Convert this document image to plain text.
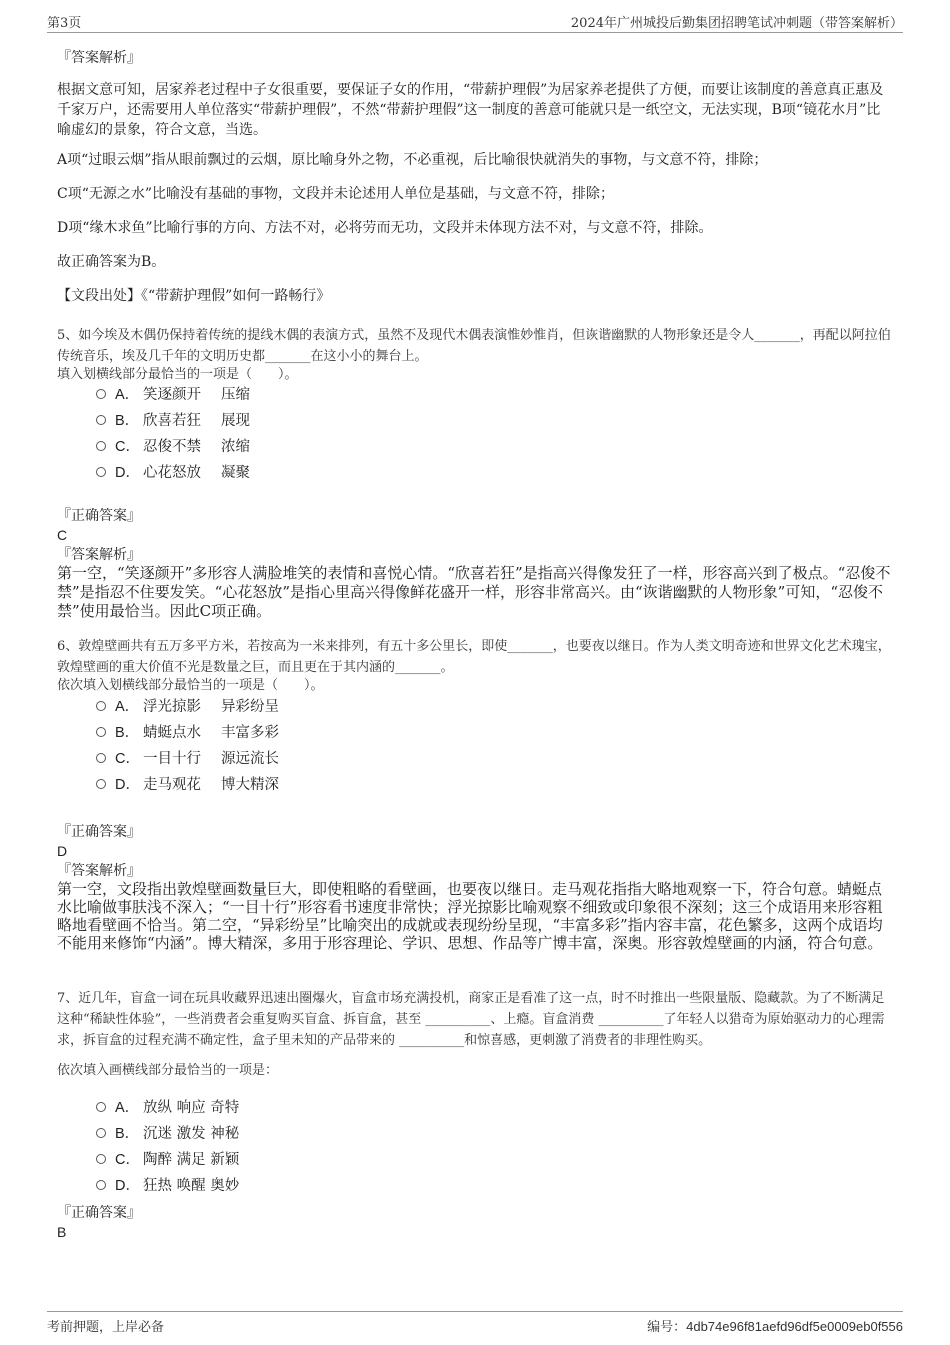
第3页	2024年广州城投后勤集团招聘笔试冲刺题（带答案解析）
『答案解析』
根据文意可知，居家养老过程中子女很重要，要保证子女的作用，“带薪护理假”为居家养老提供了方便，而要让该制度的善意真正惠及千家万户，还需要用人单位落实“带薪护理假”，不然“带薪护理假”这一制度的善意可能就只是一纸空文，无法实现，B项“镜花水月”比喻虚幻的景象，符合文意，当选。
A项“过眼云烟”指从眼前飘过的云烟，原比喻身外之物，不必重视，后比喻很快就消失的事物，与文意不符，排除；
C项“无源之水”比喻没有基础的事物，文段并未论述用人单位是基础，与文意不符，排除；
D项“缘木求鱼”比喻行事的方向、方法不对，必将劳而无功，文段并未体现方法不对，与文意不符，排除。
故正确答案为B。
【文段出处】《“带薪护理假”如何一路畅行》
5、如今埃及木偶仍保持着传统的提线木偶的表演方式，虽然不及现代木偶表演惟妙惟肖，但诙谐幽默的人物形象还是令人_______，再配以阿拉伯传统音乐，埃及几千年的文明历史都_______在这小小的舞台上。
填入划横线部分最恰当的一项是（　　）。
A． 笑逐颜开 压缩
B． 欣喜若狂 展现
C． 忍俊不禁 浓缩
D． 心花怒放 凝聚
『正确答案』
C
『答案解析』
第一空，“笑逐颜开”多形容人满脸堆笑的表情和喜悦心情。“欣喜若狂”是指高兴得像发狂了一样，形容高兴到了极点。“忍俊不禁”是指忍不住要发笑。“心花怒放”是指心里高兴得像鲜花盛开一样，形容非常高兴。由“诙谐幽默的人物形象”可知，“忍俊不禁”使用最恰当。因此C项正确。
6、敦煌壁画共有五万多平方米，若按高为一米来排列，有五十多公里长，即使_______，也要夜以继日。作为人类文明奇迹和世界文化艺术瑰宝，敦煌壁画的重大价值不光是数量之巨，而且更在于其内涵的_______。
依次填入划横线部分最恰当的一项是（　　）。
A． 浮光掠影 异彩纷呈
B． 蜻蜓点水 丰富多彩
C． 一目十行 源远流长
D． 走马观花 博大精深
『正确答案』
D
『答案解析』
第一空，文段指出敦煌壁画数量巨大，即使粗略的看壁画，也要夜以继日。走马观花指指大略地观察一下，符合句意。蜻蜓点水比喻做事肤浅不深入；“一目十行”形容看书速度非常快；浮光掠影比喻观察不细致或印象很不深刻；这三个成语用来形容粗略地看壁画不恰当。第二空，“异彩纷呈”比喻突出的成就或表现纷纷呈现，“丰富多彩”指内容丰富，花色繁多，这两个成语均不能用来修饰“内涵”。博大精深，多用于形容理论、学识、思想、作品等广博丰富，深奥。形容敦煌壁画的内涵，符合句意。
7、近几年，盲盒一词在玩具收藏界迅速出圈爆火，盲盒市场充满投机，商家正是看准了这一点，时不时推出一些限量版、隐藏款。为了不断满足这种“稀缺性体验”，一些消费者会重复购买盲盒、拆盲盒，甚至 __________、上瘾。盲盒消费 __________了年轻人以猎奇为原始驱动力的心理需求，拆盲盒的过程充满不确定性，盒子里未知的产品带来的 __________和惊喜感，更刺激了消费者的非理性购买。
依次填入画横线部分最恰当的一项是：
A． 放纵 响应 奇特
B． 沉迷 激发 神秘
C． 陶醉 满足 新颖
D． 狂热 唤醒 奥妙
『正确答案』
B
考前押题，上岸必备	编号：4db74e96f81aefd96df5e0009eb0f556
